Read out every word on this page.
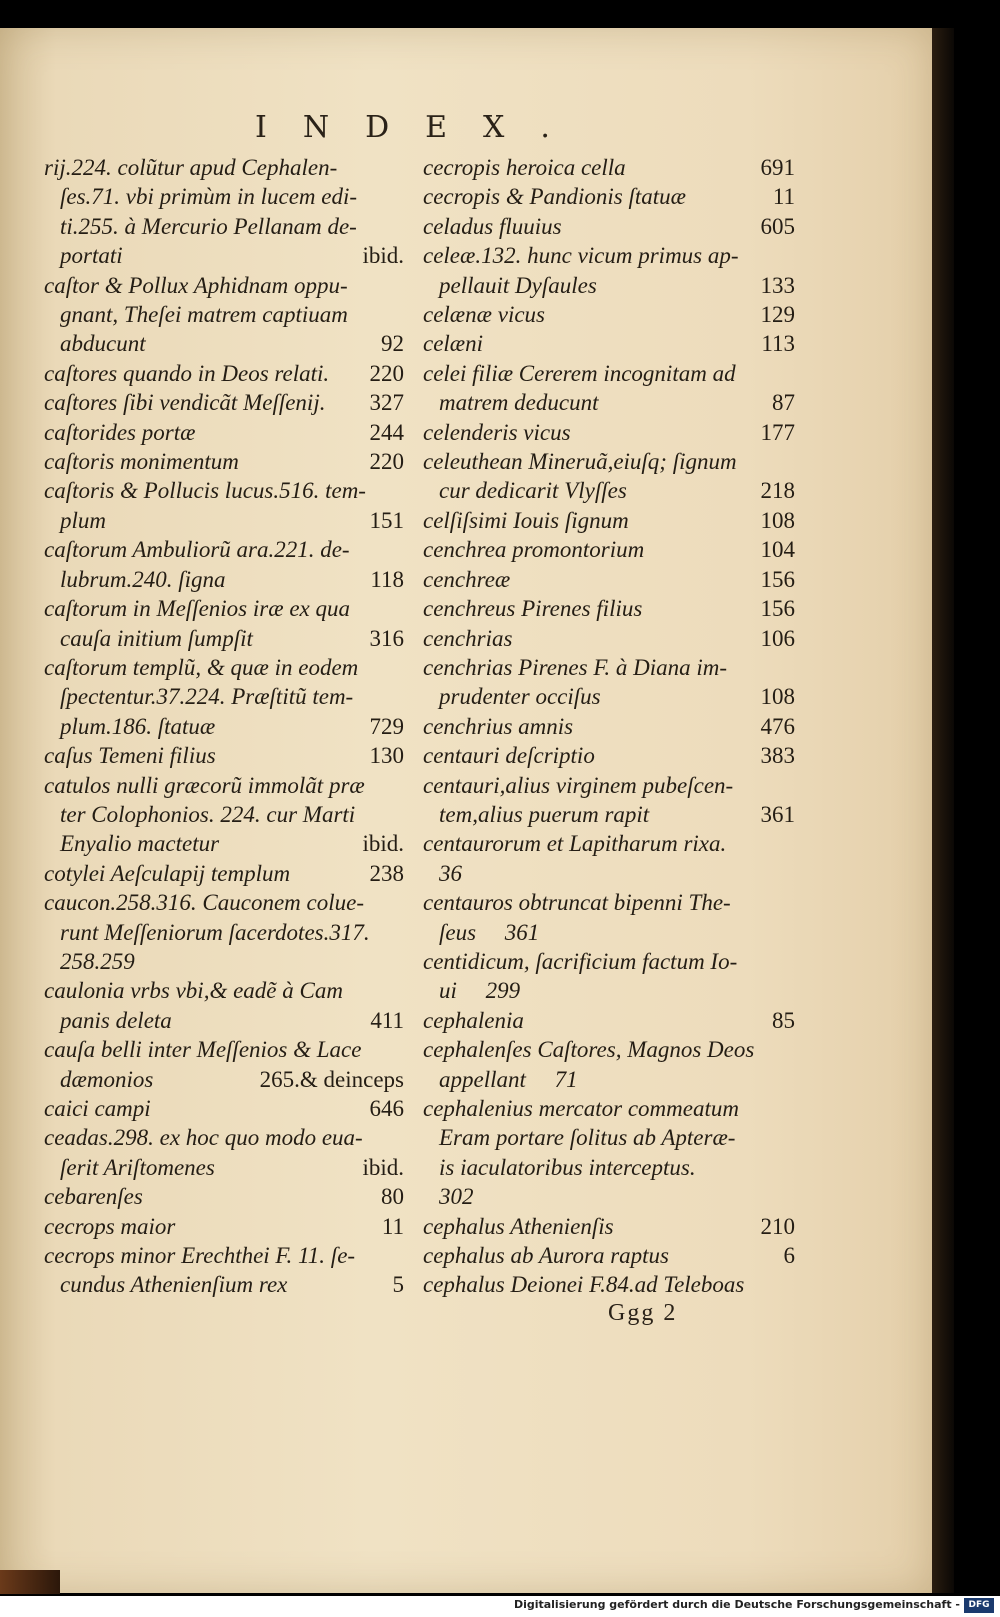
INDEX.
rij.224. colũtur apud Cephalen-
ſes.71. vbi primùm in lucem edi-
ti.255. à Mercurio Pellanam de-
portati	ibid.
caſtor & Pollux Aphidnam oppu-
gnant, Theſei matrem captiuam
abducunt	92
caſtores quando in Deos relati.	220
caſtores ſibi vendicãt Meſſenij.	327
caſtorides portæ	244
caſtoris monimentum	220
caſtoris & Pollucis lucus.516. tem-
plum	151
caſtorum Ambuliorũ ara.221. de-
lubrum.240. ſigna	118
caſtorum in Meſſenios iræ ex qua
cauſa initium ſumpſit	316
caſtorum templũ, & quæ in eodem
ſpectentur.37.224. Præſtitũ tem-
plum.186. ſtatuæ	729
caſus Temeni filius	130
catulos nulli græcorũ immolãt præ
ter Colophonios. 224. cur Marti
Enyalio mactetur	ibid.
cotylei Aeſculapij templum	238
caucon.258.316. Cauconem colue-
runt Meſſeniorum ſacerdotes.317.
258.259
caulonia vrbs vbi,& eadẽ à Cam
panis deleta	411
cauſa belli inter Meſſenios & Lace
dæmonios	265.& deinceps
caici campi	646
ceadas.298. ex hoc quo modo eua-
ſerit Ariſtomenes	ibid.
cebarenſes	80
cecrops maior	11
cecrops minor Erechthei F. 11. ſe-
cundus Athenienſium rex	5
cecropis heroica cella	691
cecropis & Pandionis ſtatuæ	11
celadus fluuius	605
celeæ.132. hunc vicum primus ap-
pellauit Dyſaules	133
celænæ vicus	129
celæni	113
celei filiæ Cererem incognitam ad
matrem deducunt	87
celenderis vicus	177
celeuthean Mineruã,eiuſq; ſignum
cur dedicarit Vlyſſes	218
celſiſsimi Iouis ſignum	108
cenchrea promontorium	104
cenchreæ	156
cenchreus Pirenes filius	156
cenchrias	106
cenchrias Pirenes F. à Diana im-
prudenter occiſus	108
cenchrius amnis	476
centauri deſcriptio	383
centauri,alius virginem pubeſcen-
tem,alius puerum rapit	361
centaurorum et Lapitharum rixa.
36
centauros obtruncat bipenni The-
ſeus     361
centidicum, ſacrificium factum Io-
ui     299
cephalenia	85
cephalenſes Caſtores, Magnos Deos
appellant     71
cephalenius mercator commeatum
Eram portare ſolitus ab Apteræ-
is iaculatoribus interceptus.
302
cephalus Athenienſis	210
cephalus ab Aurora raptus	6
cephalus Deionei F.84.ad Teleboas
Ggg 2
Digitalisierung gefördert durch die Deutsche Forschungsgemeinschaft - DFG
